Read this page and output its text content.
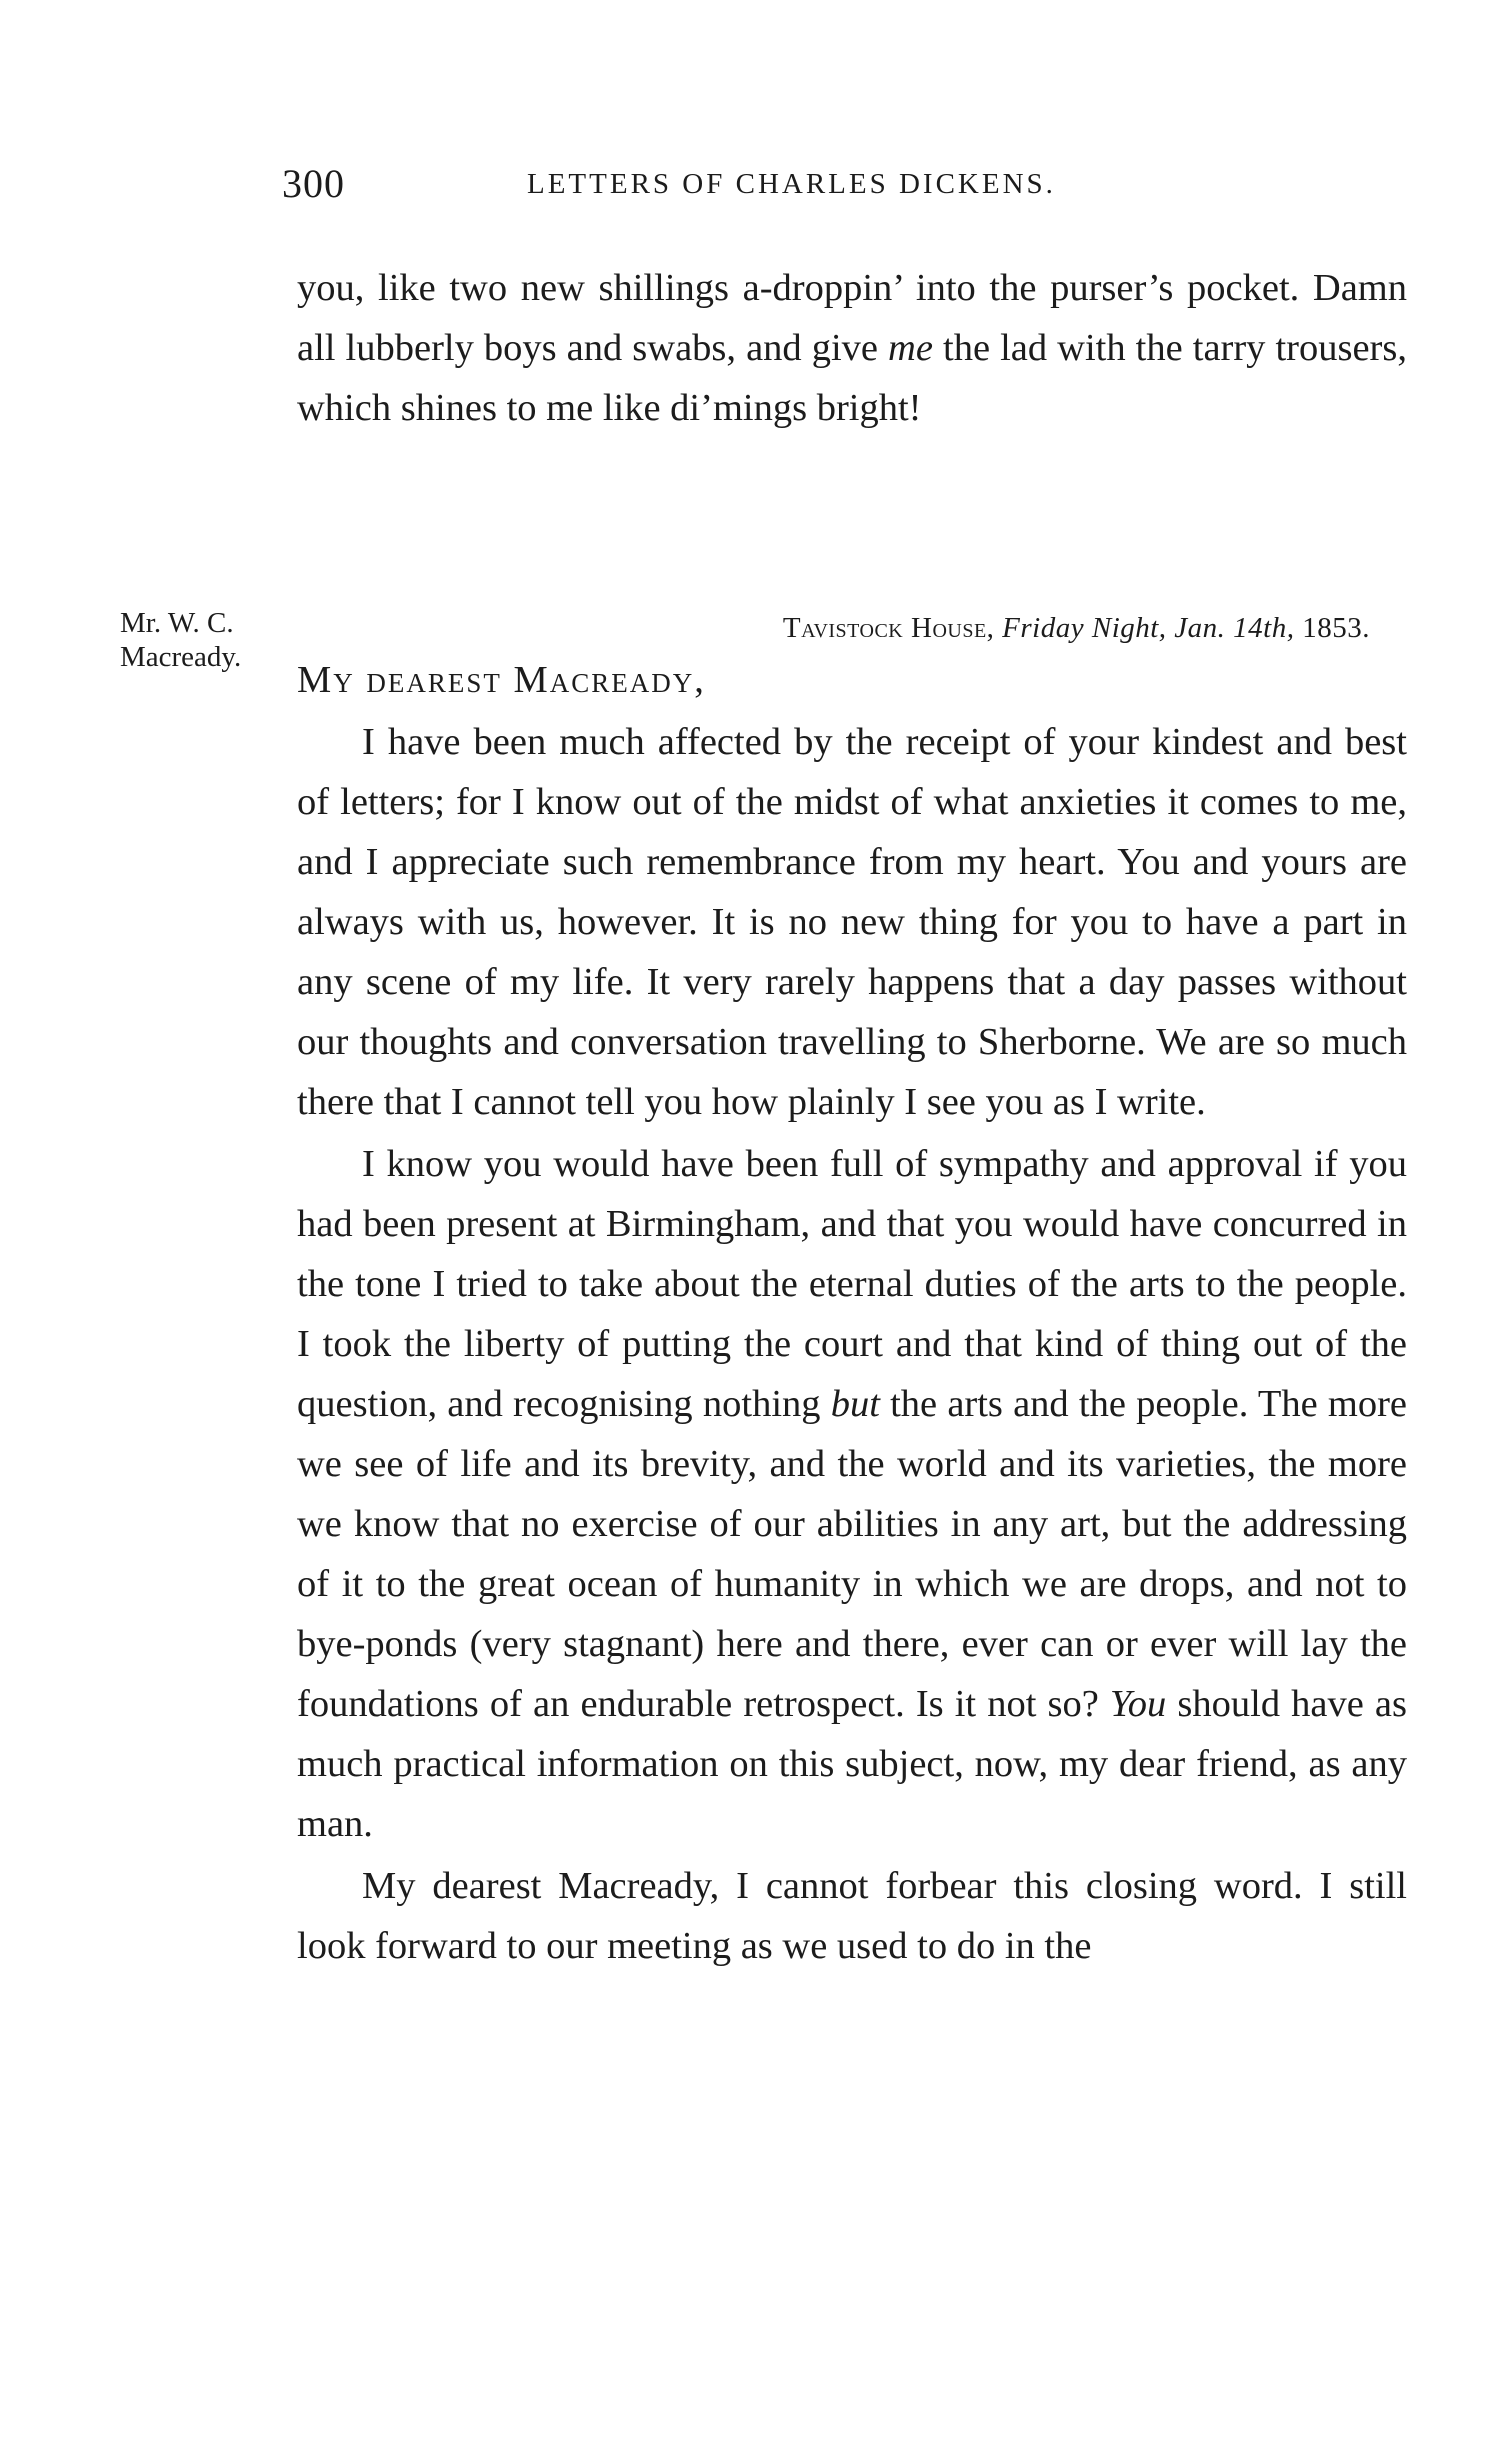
300	LETTERS OF CHARLES DICKENS.

you, like two new shillings a-droppin’ into the purser’s pocket. Damn all lubberly boys and swabs, and give me the lad with the tarry trousers, which shines to me like di’mings bright!

Mr. W. C.
Macready.
Tavistock House, Friday Night, Jan. 14th, 1853.
My dearest Macready,

I have been much affected by the receipt of your kindest and best of letters; for I know out of the midst of what anxieties it comes to me, and I appreciate such remembrance from my heart. You and yours are always with us, however. It is no new thing for you to have a part in any scene of my life. It very rarely happens that a day passes without our thoughts and conversation travelling to Sherborne. We are so much there that I cannot tell you how plainly I see you as I write.

I know you would have been full of sympathy and approval if you had been present at Birmingham, and that you would have concurred in the tone I tried to take about the eternal duties of the arts to the people. I took the liberty of putting the court and that kind of thing out of the question, and recognising nothing but the arts and the people. The more we see of life and its brevity, and the world and its varieties, the more we know that no exercise of our abilities in any art, but the addressing of it to the great ocean of humanity in which we are drops, and not to bye-ponds (very stagnant) here and there, ever can or ever will lay the foundations of an endurable retrospect. Is it not so? You should have as much practical information on this subject, now, my dear friend, as any man.

My dearest Macready, I cannot forbear this closing word. I still look forward to our meeting as we used to do in the
